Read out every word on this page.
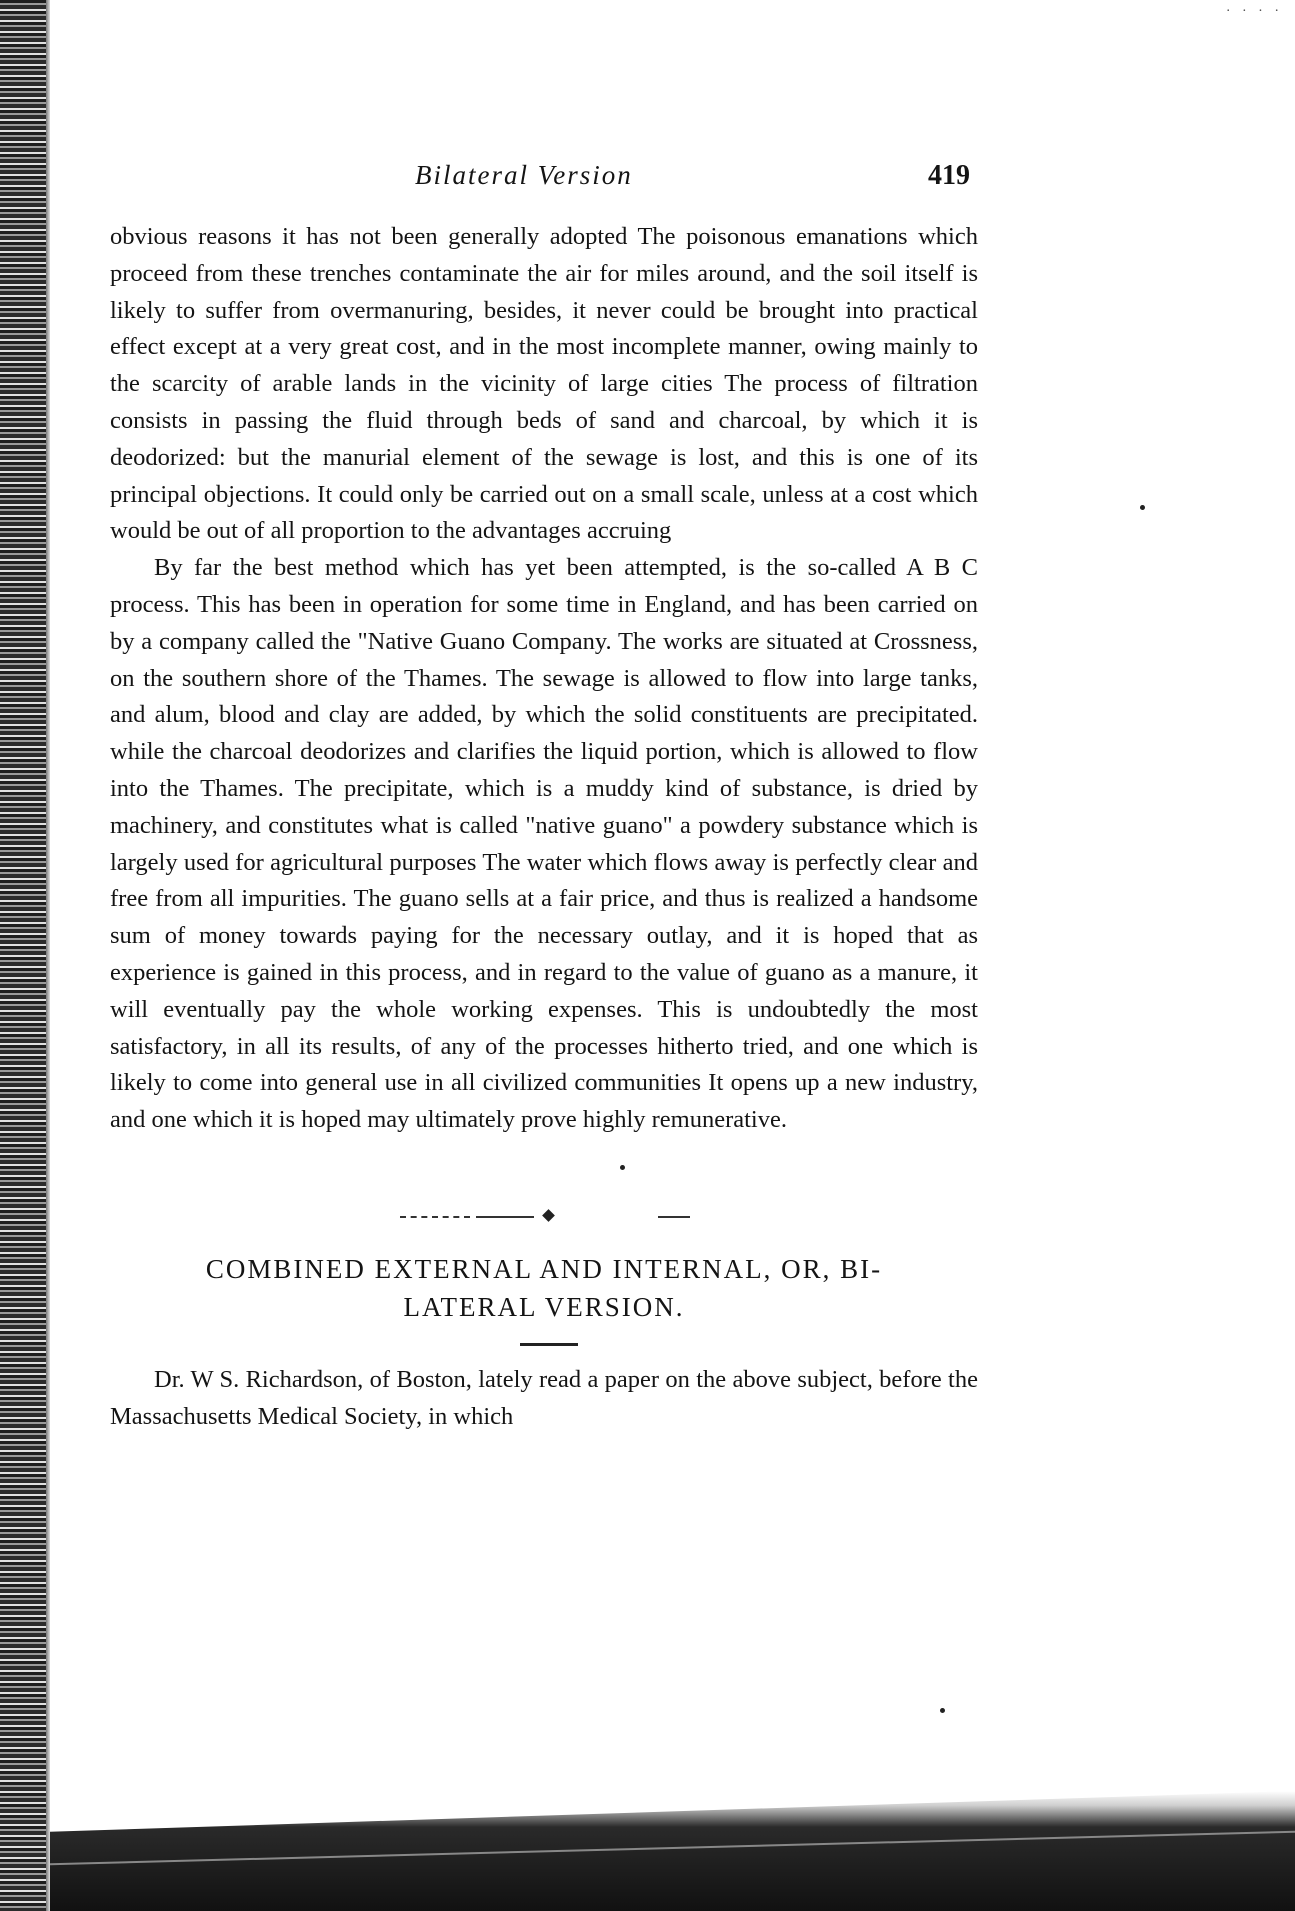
· · · ·
Bilateral Version	419

obvious reasons it has not been generally adopted The poisonous emanations which proceed from these trenches contaminate the air for miles around, and the soil itself is likely to suffer from overmanuring, besides, it never could be brought into practical effect except at a very great cost, and in the most incomplete manner, owing mainly to the scarcity of arable lands in the vicinity of large cities The process of filtration consists in passing the fluid through beds of sand and charcoal, by which it is deodorized: but the manurial element of the sewage is lost, and this is one of its principal objections. It could only be carried out on a small scale, unless at a cost which would be out of all proportion to the advantages accruing

By far the best method which has yet been attempted, is the so-called A B C process. This has been in operation for some time in England, and has been carried on by a company called the "Native Guano Company. The works are situated at Crossness, on the southern shore of the Thames. The sewage is allowed to flow into large tanks, and alum, blood and clay are added, by which the solid constituents are precipitated. while the charcoal deodorizes and clarifies the liquid portion, which is allowed to flow into the Thames. The precipitate, which is a muddy kind of substance, is dried by machinery, and constitutes what is called "native guano" a powdery substance which is largely used for agricultural purposes The water which flows away is perfectly clear and free from all impurities. The guano sells at a fair price, and thus is realized a handsome sum of money towards paying for the necessary outlay, and it is hoped that as experience is gained in this process, and in regard to the value of guano as a manure, it will eventually pay the whole working expenses. This is undoubtedly the most satisfactory, in all its results, of any of the processes hitherto tried, and one which is likely to come into general use in all civilized communities It opens up a new industry, and one which it is hoped may ultimately prove highly remunerative.

COMBINED EXTERNAL AND INTERNAL, OR, BI-
LATERAL VERSION.

Dr. W S. Richardson, of Boston, lately read a paper on the above subject, before the Massachusetts Medical Society, in which
